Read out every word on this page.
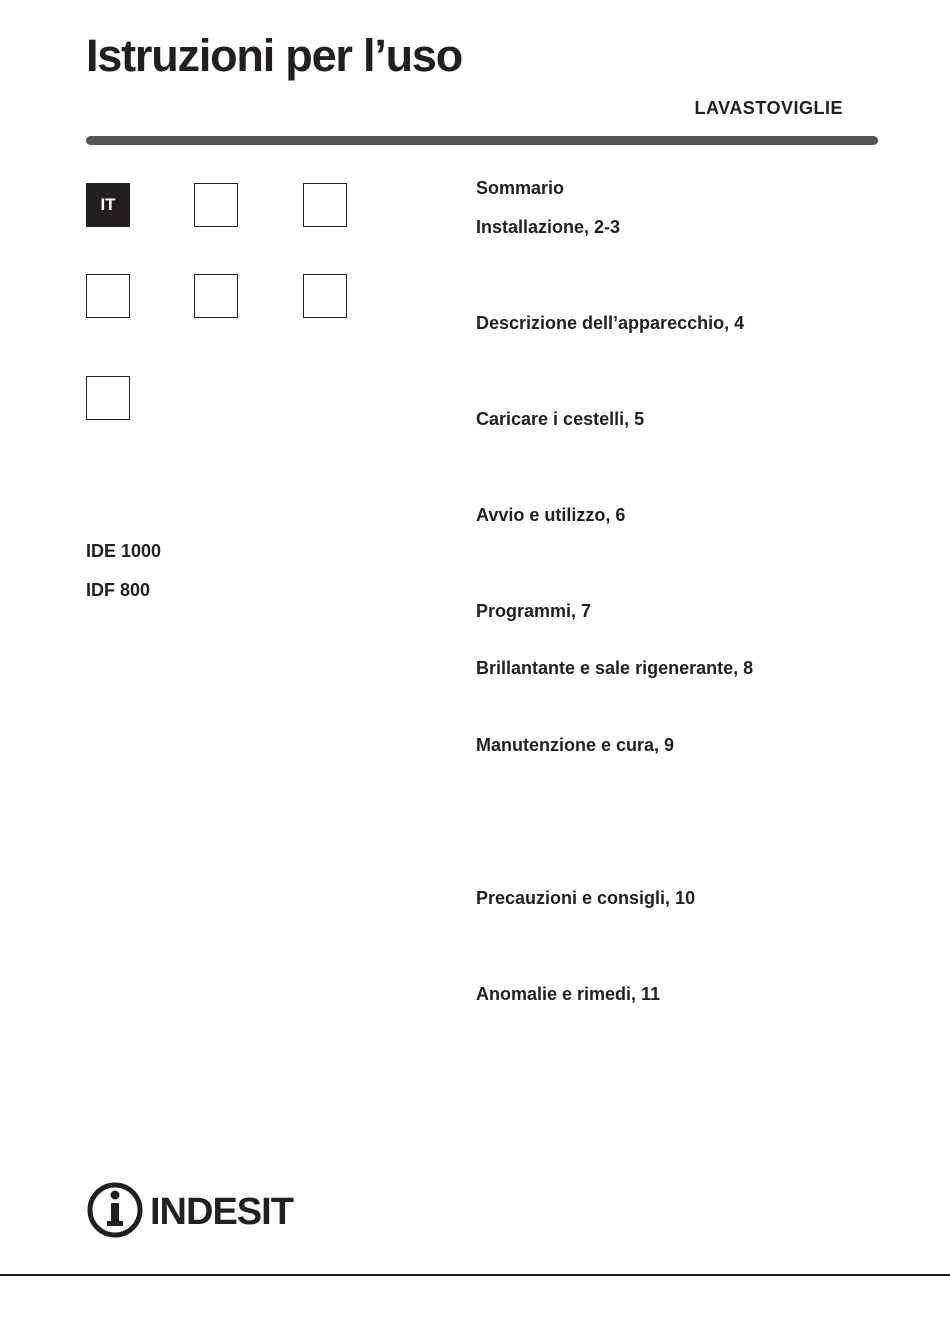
Istruzioni per l’uso
LAVASTOVIGLIE
IT
IDE 1000
IDF 800
Sommario
Installazione, 2-3
Descrizione dell’apparecchio, 4
Caricare i cestelli, 5
Avvio e utilizzo, 6
Programmi, 7
Brillantante e sale rigenerante, 8
Manutenzione e cura, 9
Precauzioni e consigli, 10
Anomalie e rimedi, 11
INDESIT
